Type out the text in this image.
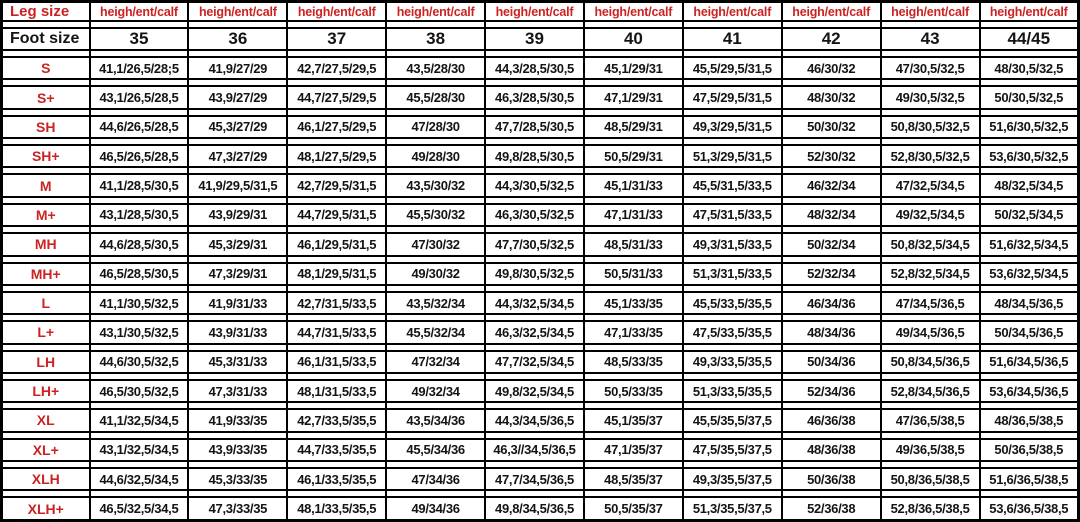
Leg size	heigh/ent/calf	heigh/ent/calf	heigh/ent/calf	heigh/ent/calf	heigh/ent/calf	heigh/ent/calf	heigh/ent/calf	heigh/ent/calf	heigh/ent/calf	heigh/ent/calf

Foot size	35	36	37	38	39	40	41	42	43	44/45

S	41,1/26,5/28;5	41,9/27/29	42,7/27,5/29,5	43,5/28/30	44,3/28,5/30,5	45,1/29/31	45,5/29,5/31,5	46/30/32	47/30,5/32,5	48/30,5/32,5

S+	43,1/26,5/28,5	43,9/27/29	44,7/27,5/29,5	45,5/28/30	46,3/28,5/30,5	47,1/29/31	47,5/29,5/31,5	48/30/32	49/30,5/32,5	50/30,5/32,5

SH	44,6/26,5/28,5	45,3/27/29	46,1/27,5/29,5	47/28/30	47,7/28,5/30,5	48,5/29/31	49,3/29,5/31,5	50/30/32	50,8/30,5/32,5	51,6/30,5/32,5

SH+	46,5/26,5/28,5	47,3/27/29	48,1/27,5/29,5	49/28/30	49,8/28,5/30,5	50,5/29/31	51,3/29,5/31,5	52/30/32	52,8/30,5/32,5	53,6/30,5/32,5

M	41,1/28,5/30,5	41,9/29,5/31,5	42,7/29,5/31,5	43,5/30/32	44,3/30,5/32,5	45,1/31/33	45,5/31,5/33,5	46/32/34	47/32,5/34,5	48/32,5/34,5

M+	43,1/28,5/30,5	43,9/29/31	44,7/29,5/31,5	45,5/30/32	46,3/30,5/32,5	47,1/31/33	47,5/31,5/33,5	48/32/34	49/32,5/34,5	50/32,5/34,5

MH	44,6/28,5/30,5	45,3/29/31	46,1/29,5/31,5	47/30/32	47,7/30,5/32,5	48,5/31/33	49,3/31,5/33,5	50/32/34	50,8/32,5/34,5	51,6/32,5/34,5

MH+	46,5/28,5/30,5	47,3/29/31	48,1/29,5/31,5	49/30/32	49,8/30,5/32,5	50,5/31/33	51,3/31,5/33,5	52/32/34	52,8/32,5/34,5	53,6/32,5/34,5

L	41,1/30,5/32,5	41,9/31/33	42,7/31,5/33,5	43,5/32/34	44,3/32,5/34,5	45,1/33/35	45,5/33,5/35,5	46/34/36	47/34,5/36,5	48/34,5/36,5

L+	43,1/30,5/32,5	43,9/31/33	44,7/31,5/33,5	45,5/32/34	46,3/32,5/34,5	47,1/33/35	47,5/33,5/35,5	48/34/36	49/34,5/36,5	50/34,5/36,5

LH	44,6/30,5/32,5	45,3/31/33	46,1/31,5/33,5	47/32/34	47,7/32,5/34,5	48,5/33/35	49,3/33,5/35,5	50/34/36	50,8/34,5/36,5	51,6/34,5/36,5

LH+	46,5/30,5/32,5	47,3/31/33	48,1/31,5/33,5	49/32/34	49,8/32,5/34,5	50,5/33/35	51,3/33,5/35,5	52/34/36	52,8/34,5/36,5	53,6/34,5/36,5

XL	41,1/32,5/34,5	41,9/33/35	42,7/33,5/35,5	43,5/34/36	44,3/34,5/36,5	45,1/35/37	45,5/35,5/37,5	46/36/38	47/36,5/38,5	48/36,5/38,5

XL+	43,1/32,5/34,5	43,9/33/35	44,7/33,5/35,5	45,5/34/36	46,3//34,5/36,5	47,1/35/37	47,5/35,5/37,5	48/36/38	49/36,5/38,5	50/36,5/38,5

XLH	44,6/32,5/34,5	45,3/33/35	46,1/33,5/35,5	47/34/36	47,7/34,5/36,5	48,5/35/37	49,3/35,5/37,5	50/36/38	50,8/36,5/38,5	51,6/36,5/38,5

XLH+	46,5/32,5/34,5	47,3/33/35	48,1/33,5/35,5	49/34/36	49,8/34,5/36,5	50,5/35/37	51,3/35,5/37,5	52/36/38	52,8/36,5/38,5	53,6/36,5/38,5
